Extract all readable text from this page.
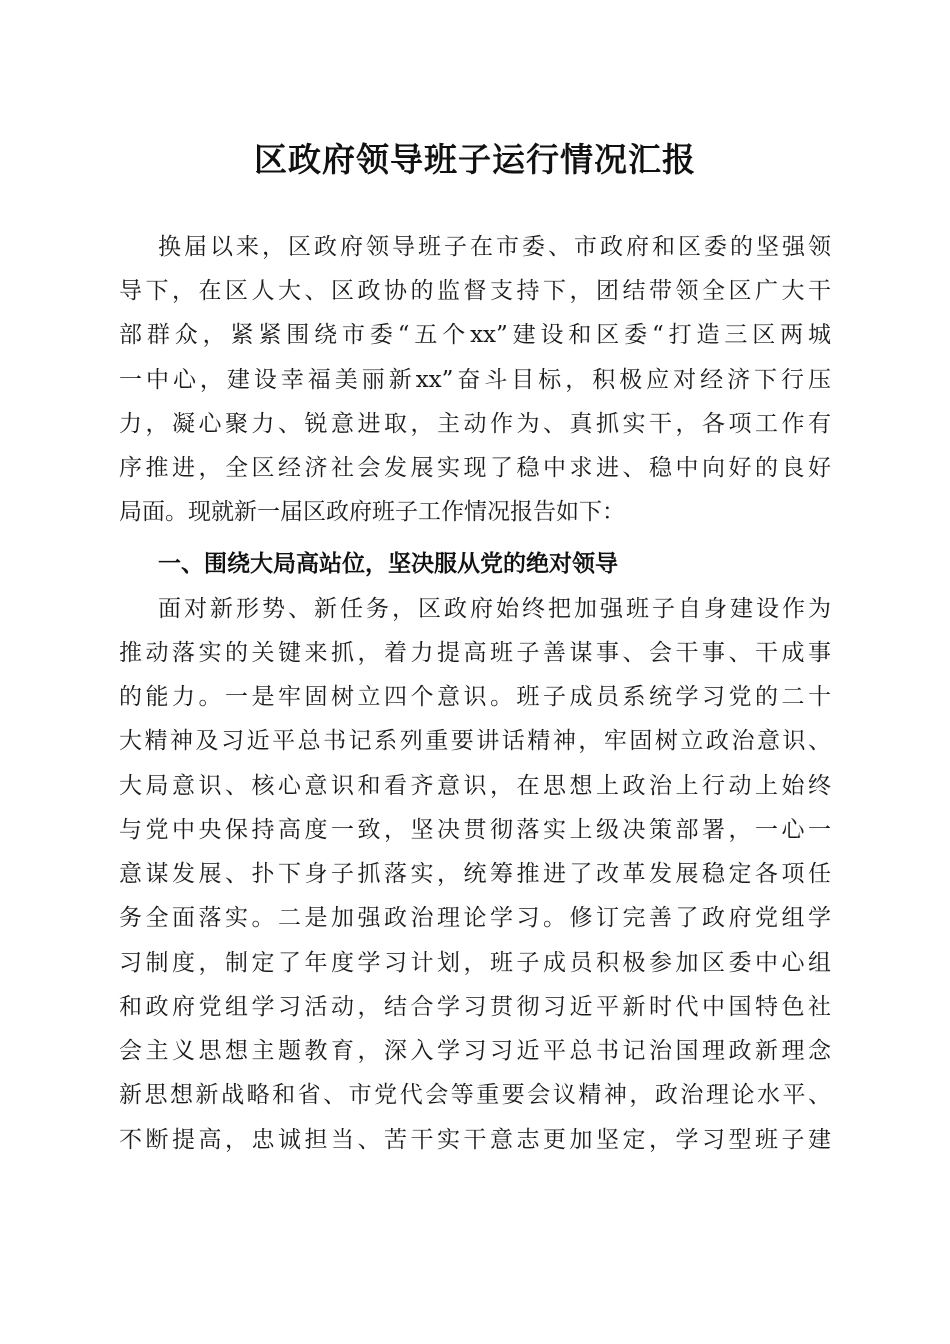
区政府领导班子运行情况汇报
换届以来，区政府领导班子在市委、市政府和区委的坚强领
导下，在区人大、区政协的监督支持下，团结带领全区广大干
部群众，紧紧围绕市委“五个xx”建设和区委“打造三区两城
一中心，建设幸福美丽新xx”奋斗目标，积极应对经济下行压
力，凝心聚力、锐意进取，主动作为、真抓实干，各项工作有
序推进，全区经济社会发展实现了稳中求进、稳中向好的良好
局面。现就新一届区政府班子工作情况报告如下：
一、围绕大局高站位，坚决服从党的绝对领导
面对新形势、新任务，区政府始终把加强班子自身建设作为
推动落实的关键来抓，着力提高班子善谋事、会干事、干成事
的能力。一是牢固树立四个意识。班子成员系统学习党的二十
大精神及习近平总书记系列重要讲话精神，牢固树立政治意识、
大局意识、核心意识和看齐意识，在思想上政治上行动上始终
与党中央保持高度一致，坚决贯彻落实上级决策部署，一心一
意谋发展、扑下身子抓落实，统筹推进了改革发展稳定各项任
务全面落实。二是加强政治理论学习。修订完善了政府党组学
习制度，制定了年度学习计划，班子成员积极参加区委中心组
和政府党组学习活动，结合学习贯彻习近平新时代中国特色社
会主义思想主题教育，深入学习习近平总书记治国理政新理念
新思想新战略和省、市党代会等重要会议精神，政治理论水平、
不断提高，忠诚担当、苦干实干意志更加坚定，学习型班子建
